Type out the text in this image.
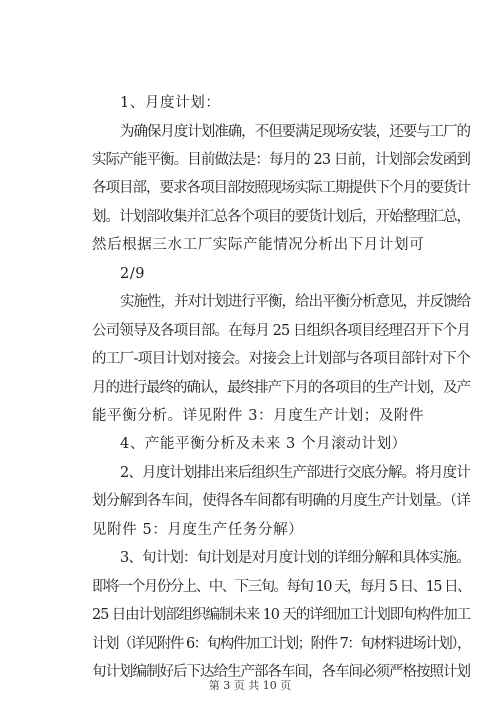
1、月度计划：
为确保月度计划准确，不但要满足现场安装，还要与工厂的
实际产能平衡。目前做法是：每月的 23 日前，计划部会发函到
各项目部，要求各项目部按照现场实际工期提供下个月的要货计
划。计划部收集并汇总各个项目的要货计划后，开始整理汇总，
然后根据三水工厂实际产能情况分析出下月计划可
2/9
实施性，并对计划进行平衡，给出平衡分析意见，并反馈给
公司领导及各项目部。在每月 25 日组织各项目经理召开下个月
的工厂-项目计划对接会。对接会上计划部与各项目部针对下个
月的进行最终的确认，最终排产下月的各项目的生产计划，及产
能平衡分析。详见附件 3：月度生产计划；及附件
4、产能平衡分析及未来 3 个月滚动计划）
2、月度计划排出来后组织生产部进行交底分解。将月度计
划分解到各车间，使得各车间都有明确的月度生产计划量。（详
见附件 5：月度生产任务分解）
3、旬计划：旬计划是对月度计划的详细分解和具体实施。
即将一个月份分上、中、下三旬。每旬 10 天，每月 5 日、15 日、
25 日由计划部组织编制未来 10 天的详细加工计划即旬构件加工
计划（详见附件 6：旬构件加工计划；附件 7：旬材料进场计划），
旬计划编制好后下达给生产部各车间，各车间必须严格按照计划
第 3 页 共 10 页
